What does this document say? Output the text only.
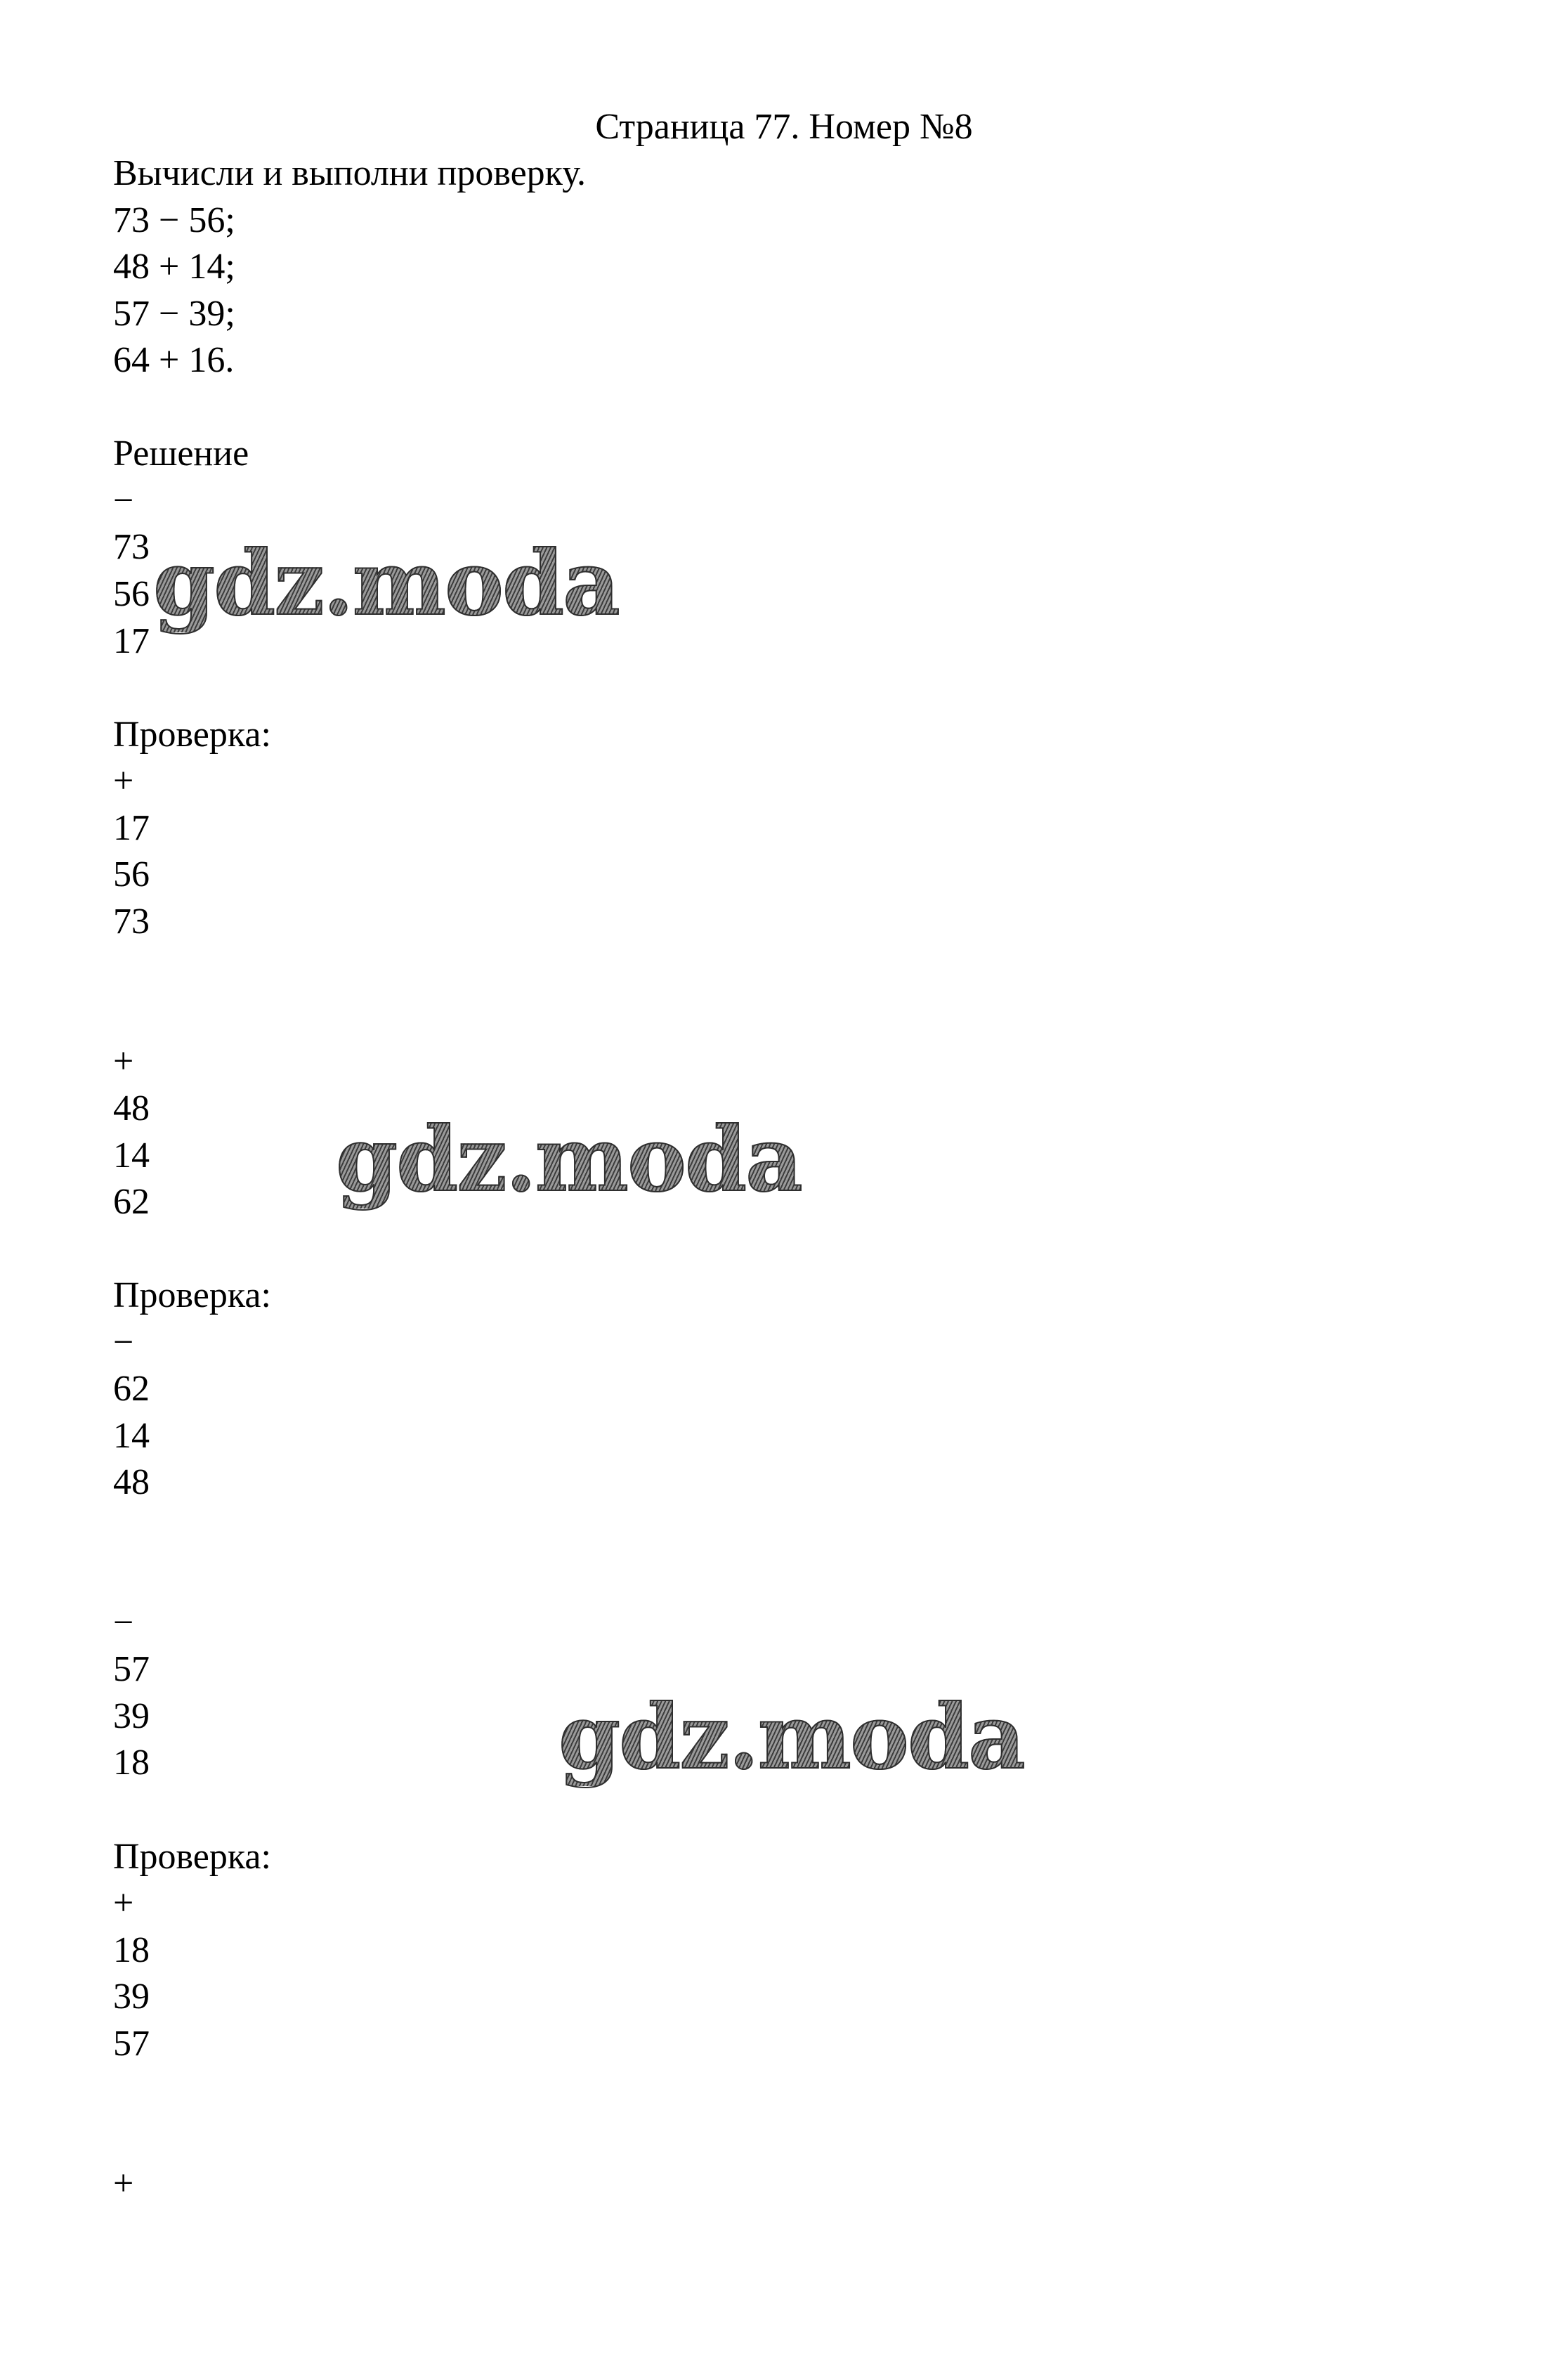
Страница 77. Номер №8
Вычисли и выполни проверку.
73 − 56;
48 + 14;
57 − 39;
64 + 16.
Решение
−
73
56
17
Проверка:
+
17
56
73
+
48
14
62
Проверка:
−
62
14
48
−
57
39
18
Проверка:
+
18
39
57
+
gdz.moda
gdz.moda
gdz.moda
